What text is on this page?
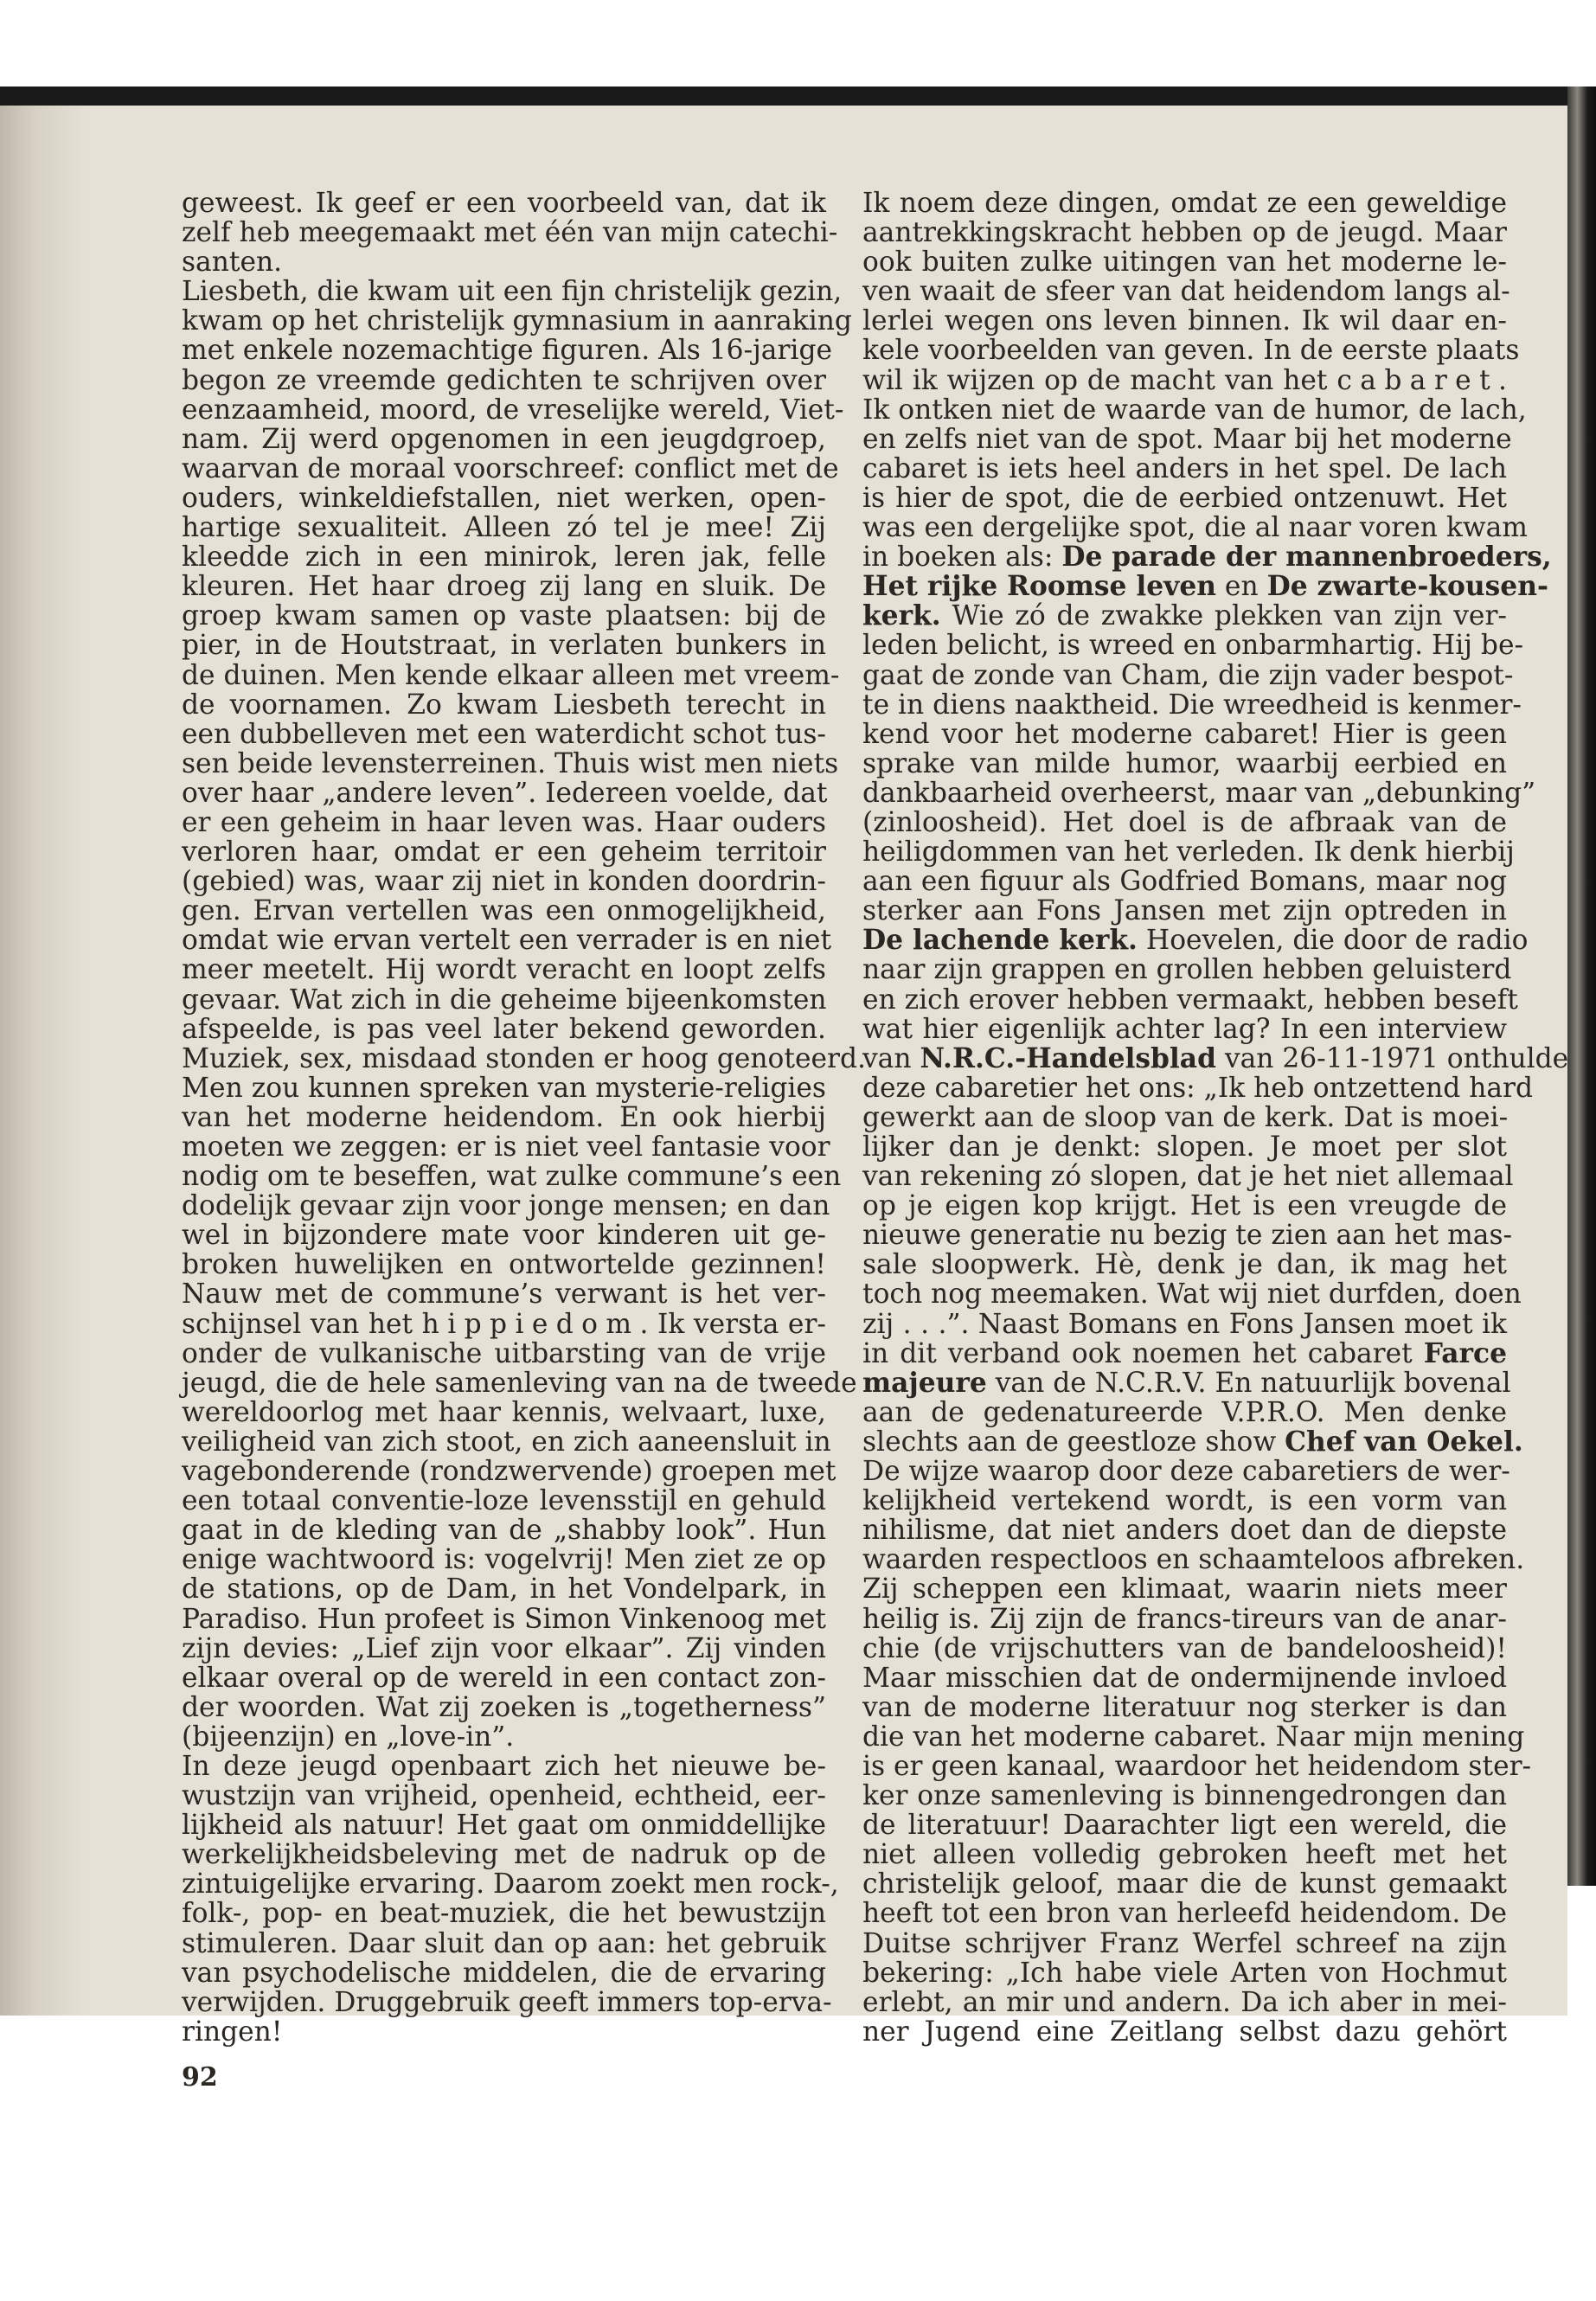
geweest. Ik geef er een voorbeeld van, dat ik
zelf heb meegemaakt met één van mijn catechi-
santen.
Liesbeth, die kwam uit een fijn christelijk gezin,
kwam op het christelijk gymnasium in aanraking
met enkele nozemachtige figuren. Als 16-jarige
begon ze vreemde gedichten te schrijven over
eenzaamheid, moord, de vreselijke wereld, Viet-
nam. Zij werd opgenomen in een jeugdgroep,
waarvan de moraal voorschreef: conflict met de
ouders, winkeldiefstallen, niet werken, open-
hartige sexualiteit. Alleen zó tel je mee! Zij
kleedde zich in een minirok, leren jak, felle
kleuren. Het haar droeg zij lang en sluik. De
groep kwam samen op vaste plaatsen: bij de
pier, in de Houtstraat, in verlaten bunkers in
de duinen. Men kende elkaar alleen met vreem-
de voornamen. Zo kwam Liesbeth terecht in
een dubbelleven met een waterdicht schot tus-
sen beide levensterreinen. Thuis wist men niets
over haar „andere leven”. Iedereen voelde, dat
er een geheim in haar leven was. Haar ouders
verloren haar, omdat er een geheim territoir
(gebied) was, waar zij niet in konden doordrin-
gen. Ervan vertellen was een onmogelijkheid,
omdat wie ervan vertelt een verrader is en niet
meer meetelt. Hij wordt veracht en loopt zelfs
gevaar. Wat zich in die geheime bijeenkomsten
afspeelde, is pas veel later bekend geworden.
Muziek, sex, misdaad stonden er hoog genoteerd.
Men zou kunnen spreken van mysterie-religies
van het moderne heidendom. En ook hierbij
moeten we zeggen: er is niet veel fantasie voor
nodig om te beseffen, wat zulke commune’s een
dodelijk gevaar zijn voor jonge mensen; en dan
wel in bijzondere mate voor kinderen uit ge-
broken huwelijken en ontwortelde gezinnen!
Nauw met de commune’s verwant is het ver-
schijnsel van het hippiedom. Ik versta er-
onder de vulkanische uitbarsting van de vrije
jeugd, die de hele samenleving van na de tweede
wereldoorlog met haar kennis, welvaart, luxe,
veiligheid van zich stoot, en zich aaneensluit in
vagebonderende (rondzwervende) groepen met
een totaal conventie-loze levensstijl en gehuld
gaat in de kleding van de „shabby look”. Hun
enige wachtwoord is: vogelvrij! Men ziet ze op
de stations, op de Dam, in het Vondelpark, in
Paradiso. Hun profeet is Simon Vinkenoog met
zijn devies: „Lief zijn voor elkaar”. Zij vinden
elkaar overal op de wereld in een contact zon-
der woorden. Wat zij zoeken is „togetherness”
(bijeenzijn) en „love-in”.
In deze jeugd openbaart zich het nieuwe be-
wustzijn van vrijheid, openheid, echtheid, eer-
lijkheid als natuur! Het gaat om onmiddellijke
werkelijkheidsbeleving met de nadruk op de
zintuigelijke ervaring. Daarom zoekt men rock-,
folk-, pop- en beat-muziek, die het bewustzijn
stimuleren. Daar sluit dan op aan: het gebruik
van psychodelische middelen, die de ervaring
verwijden. Druggebruik geeft immers top-erva-
ringen!
92
Ik noem deze dingen, omdat ze een geweldige
aantrekkingskracht hebben op de jeugd. Maar
ook buiten zulke uitingen van het moderne le-
ven waait de sfeer van dat heidendom langs al-
lerlei wegen ons leven binnen. Ik wil daar en-
kele voorbeelden van geven. In de eerste plaats
wil ik wijzen op de macht van het cabaret.
Ik ontken niet de waarde van de humor, de lach,
en zelfs niet van de spot. Maar bij het moderne
cabaret is iets heel anders in het spel. De lach
is hier de spot, die de eerbied ontzenuwt. Het
was een dergelijke spot, die al naar voren kwam
in boeken als: De parade der mannenbroeders,
Het rijke Roomse leven en De zwarte-kousen-
kerk. Wie zó de zwakke plekken van zijn ver-
leden belicht, is wreed en onbarmhartig. Hij be-
gaat de zonde van Cham, die zijn vader bespot-
te in diens naaktheid. Die wreedheid is kenmer-
kend voor het moderne cabaret! Hier is geen
sprake van milde humor, waarbij eerbied en
dankbaarheid overheerst, maar van „debunking”
(zinloosheid). Het doel is de afbraak van de
heiligdommen van het verleden. Ik denk hierbij
aan een figuur als Godfried Bomans, maar nog
sterker aan Fons Jansen met zijn optreden in
De lachende kerk. Hoevelen, die door de radio
naar zijn grappen en grollen hebben geluisterd
en zich erover hebben vermaakt, hebben beseft
wat hier eigenlijk achter lag? In een interview
van N.R.C.-Handelsblad van 26-11-1971 onthulde
deze cabaretier het ons: „Ik heb ontzettend hard
gewerkt aan de sloop van de kerk. Dat is moei-
lijker dan je denkt: slopen. Je moet per slot
van rekening zó slopen, dat je het niet allemaal
op je eigen kop krijgt. Het is een vreugde de
nieuwe generatie nu bezig te zien aan het mas-
sale sloopwerk. Hè, denk je dan, ik mag het
toch nog meemaken. Wat wij niet durfden, doen
zij . . .”. Naast Bomans en Fons Jansen moet ik
in dit verband ook noemen het cabaret Farce
majeure van de N.C.R.V. En natuurlijk bovenal
aan de gedenatureerde V.P.R.O. Men denke
slechts aan de geestloze show Chef van Oekel.
De wijze waarop door deze cabaretiers de wer-
kelijkheid vertekend wordt, is een vorm van
nihilisme, dat niet anders doet dan de diepste
waarden respectloos en schaamteloos afbreken.
Zij scheppen een klimaat, waarin niets meer
heilig is. Zij zijn de francs-tireurs van de anar-
chie (de vrijschutters van de bandeloosheid)!
Maar misschien dat de ondermijnende invloed
van de moderne literatuur nog sterker is dan
die van het moderne cabaret. Naar mijn mening
is er geen kanaal, waardoor het heidendom ster-
ker onze samenleving is binnengedrongen dan
de literatuur! Daarachter ligt een wereld, die
niet alleen volledig gebroken heeft met het
christelijk geloof, maar die de kunst gemaakt
heeft tot een bron van herleefd heidendom. De
Duitse schrijver Franz Werfel schreef na zijn
bekering: „Ich habe viele Arten von Hochmut
erlebt, an mir und andern. Da ich aber in mei-
ner Jugend eine Zeitlang selbst dazu gehört
